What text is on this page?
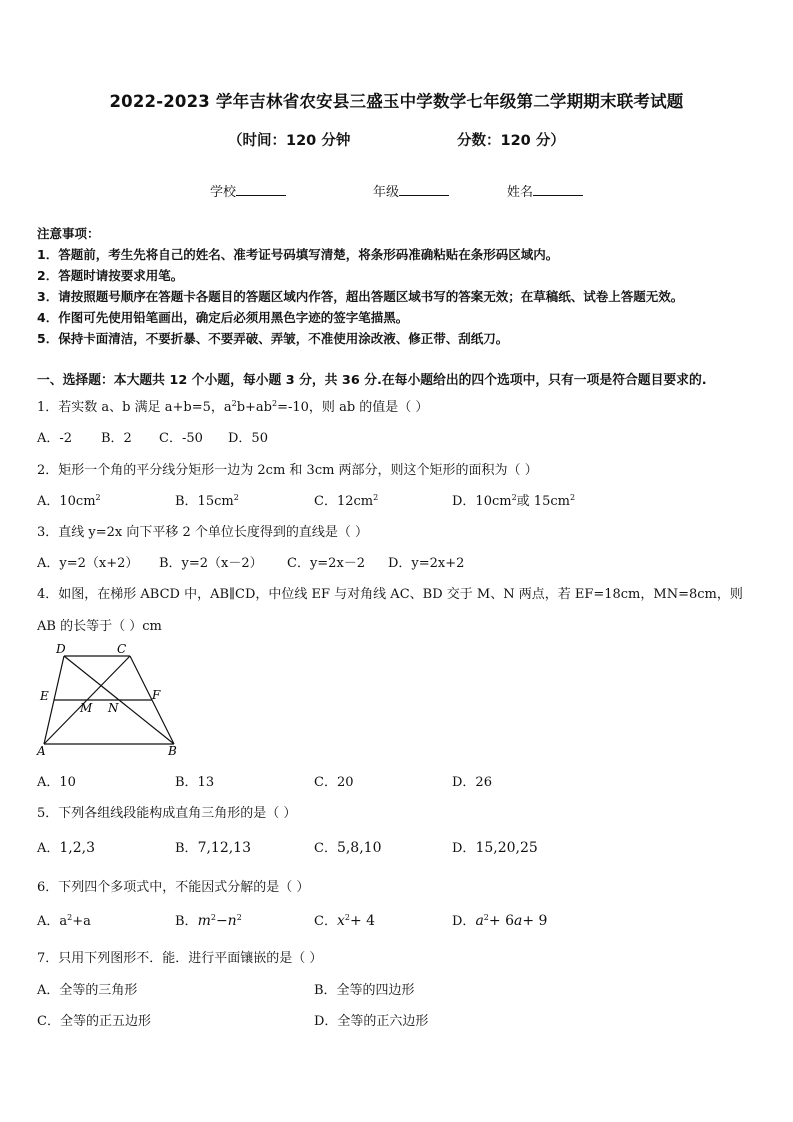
2022-2023 学年吉林省农安县三盛玉中学数学七年级第二学期期末联考试题
（时间：120 分钟	分数：120 分）
学校	年级	姓名
注意事项：
1．答题前，考生先将自己的姓名、准考证号码填写清楚，将条形码准确粘贴在条形码区域内。
2．答题时请按要求用笔。
3．请按照题号顺序在答题卡各题目的答题区域内作答，超出答题区域书写的答案无效；在草稿纸、试卷上答题无效。
4．作图可先使用铅笔画出，确定后必须用黑色字迹的签字笔描黑。
5．保持卡面清洁，不要折暴、不要弄破、弄皱，不准使用涂改液、修正带、刮纸刀。
一、选择题：本大题共 12 个小题，每小题 3 分，共 36 分.在每小题给出的四个选项中，只有一项是符合题目要求的.
1．若实数 a、b 满足 a+b=5，$a^2b+ab^2=-10$，则 ab 的值是（ ）
A．-2 B．2 C．-50 D．50
2．矩形一个角的平分线分矩形一边为 2cm 和 3cm 两部分，则这个矩形的面积为（ ）
A．$10cm^2$	B．$15cm^2$	C．$12cm^2$	D．$10cm^2$或 $15cm^2$
3．直线 y=2x 向下平移 2 个单位长度得到的直线是（ ）
A．y=2（x+2） B．y=2（x－2） C．y=2x－2 D．y=2x+2
4．如图，在梯形 ABCD 中，AB∥CD，中位线 EF 与对角线 AC、BD 交于 M、N 两点，若 EF=18cm，MN=8cm，则
AB 的长等于（ ）cm
D	C
E	F
M N
A	B
A．10	B．13	C．20	D．26
5．下列各组线段能构成直角三角形的是（ ）
A．1,2,3	B．7,12,13	C．5,8,10	D．15,20,25
6．下列四个多项式中，不能因式分解的是（ ）
A．$a^2+a$	B．$m^2-n^2$	C．$x^2+ 4$	D．$a^2+ 6a+ 9$
7．只用下列图形不．能．进行平面镶嵌的是（ ）
A．全等的三角形	B．全等的四边形
C．全等的正五边形	D．全等的正六边形
